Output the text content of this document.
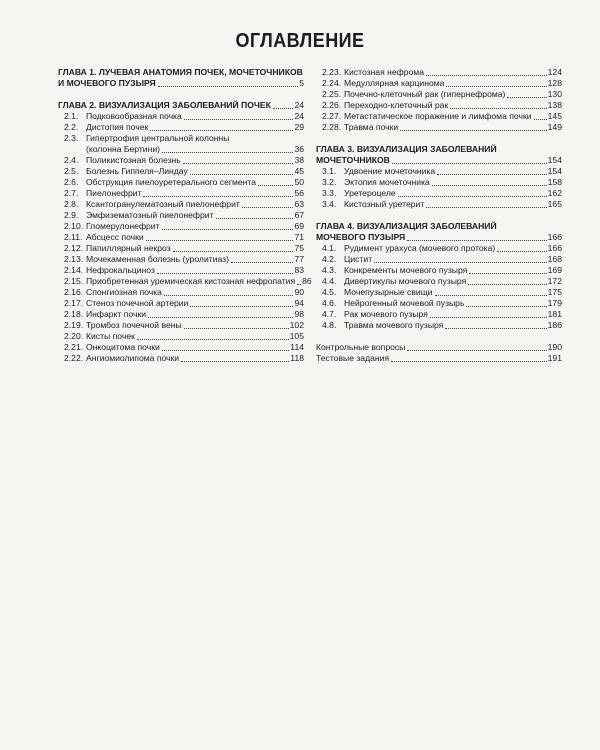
ОГЛАВЛЕНИЕ
ГЛАВА 1. ЛУЧЕВАЯ АНАТОМИЯ ПОЧЕК, МОЧЕТОЧНИКОВ
И МОЧЕВОГО ПУЗЫРЯ	5
ГЛАВА 2. ВИЗУАЛИЗАЦИЯ ЗАБОЛЕВАНИЙ ПОЧЕК	24
2.1. Подковообразная почка	24
2.2. Дистопия почек	29
2.3. Гипертрофия центральной колонны
(колонна Бертини)	36
2.4. Поликистозная болезнь	38
2.5. Болезнь Гиппеля–Линдау	45
2.6. Обструкция пиелоуретерального сегмента	50
2.7. Пиелонефрит	56
2.8. Ксантогранулематозный пиелонефрит	63
2.9. Эмфизематозный пиелонефрит	67
2.10. Гломерулонефрит	69
2.11. Абсцесс почки	71
2.12. Папиллярный некроз	75
2.13. Мочекаменная болезнь (уролитиаз)	77
2.14. Нефрокальциноз	83
2.15. Приобретенная уремическая кистозная нефропатия 86
2.16. Спонгиозная почка	90
2.17. Стеноз почечной артерии	94
2.18. Инфаркт почки	98
2.19. Тромбоз почечной вены	102
2.20. Кисты почек	105
2.21. Онкоцитома почки	114
2.22. Ангиомиолипома почки	118
2.23. Кистозная нефрома	124
2.24. Медуллярная карцинома	128
2.25. Почечно-клеточный рак (гипернефрома)	130
2.26. Переходно-клеточный рак	138
2.27. Метастатическое поражение и лимфома почки 145
2.28. Травма почки	149
ГЛАВА 3. ВИЗУАЛИЗАЦИЯ ЗАБОЛЕВАНИЙ
МОЧЕТОЧНИКОВ	154
3.1. Удвоение мочеточника	154
3.2. Эктопия мочеточника	158
3.3. Уретероцеле	162
3.4. Кистозный уретерит	165
ГЛАВА 4. ВИЗУАЛИЗАЦИЯ ЗАБОЛЕВАНИЙ
МОЧЕВОГО ПУЗЫРЯ	166
4.1. Рудимент урахуса (мочевого протока)	166
4.2. Цистит	168
4.3. Конкременты мочевого пузыря	169
4.4. Дивертикулы мочевого пузыря	172
4.5. Мочепузырные свищи	175
4.6. Нейрогенный мочевой пузырь	179
4.7. Рак мочевого пузыря	181
4.8. Травма мочевого пузыря	186
Контрольные вопросы	190
Тестовые задания	191
